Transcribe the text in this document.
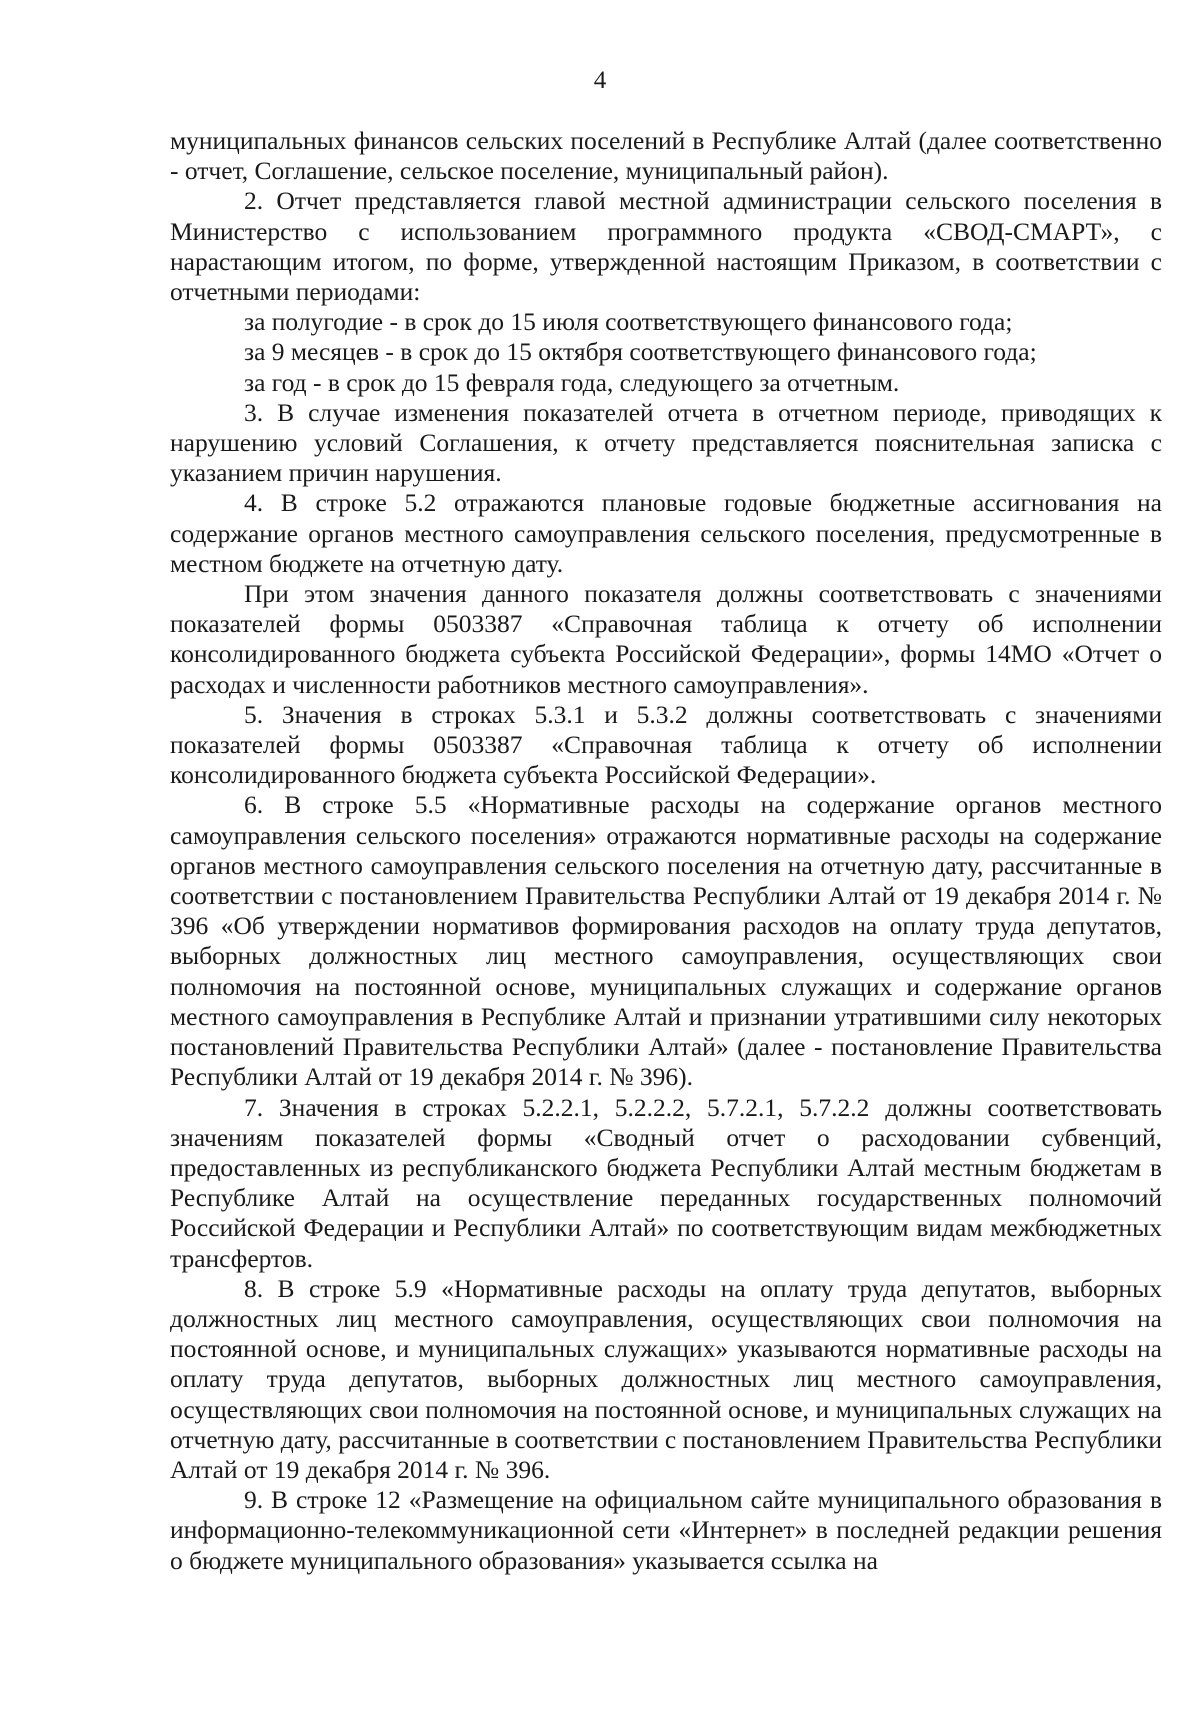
4

муниципальных финансов сельских поселений в Республике Алтай (далее соответственно - отчет, Соглашение, сельское поселение, муниципальный район).

2. Отчет представляется главой местной администрации сельского поселения в Министерство с использованием программного продукта «СВОД-СМАРТ», с нарастающим итогом, по форме, утвержденной настоящим Приказом, в соответствии с отчетными периодами:

за полугодие - в срок до 15 июля соответствующего финансового года;

за 9 месяцев - в срок до 15 октября соответствующего финансового года;

за год - в срок до 15 февраля года, следующего за отчетным.

3. В случае изменения показателей отчета в отчетном периоде, приводящих к нарушению условий Соглашения, к отчету представляется пояснительная записка с указанием причин нарушения.

4. В строке 5.2 отражаются плановые годовые бюджетные ассигнования на содержание органов местного самоуправления сельского поселения, предусмотренные в местном бюджете на отчетную дату.

При этом значения данного показателя должны соответствовать с значениями показателей формы 0503387 «Справочная таблица к отчету об исполнении консолидированного бюджета субъекта Российской Федерации», формы 14МО «Отчет о расходах и численности работников местного самоуправления».

5. Значения в строках 5.3.1 и 5.3.2 должны соответствовать с значениями показателей формы 0503387 «Справочная таблица к отчету об исполнении консолидированного бюджета субъекта Российской Федерации».

6. В строке 5.5 «Нормативные расходы на содержание органов местного самоуправления сельского поселения» отражаются нормативные расходы на содержание органов местного самоуправления сельского поселения на отчетную дату, рассчитанные в соответствии с постановлением Правительства Республики Алтай от 19 декабря 2014 г. № 396 «Об утверждении нормативов формирования расходов на оплату труда депутатов, выборных должностных лиц местного самоуправления, осуществляющих свои полномочия на постоянной основе, муниципальных служащих и содержание органов местного самоуправления в Республике Алтай и признании утратившими силу некоторых постановлений Правительства Республики Алтай» (далее - постановление Правительства Республики Алтай от 19 декабря 2014 г. № 396).

7. Значения в строках 5.2.2.1, 5.2.2.2, 5.7.2.1, 5.7.2.2 должны соответствовать значениям показателей формы «Сводный отчет о расходовании субвенций, предоставленных из республиканского бюджета Республики Алтай местным бюджетам в Республике Алтай на осуществление переданных государственных полномочий Российской Федерации и Республики Алтай» по соответствующим видам межбюджетных трансфертов.

8. В строке 5.9 «Нормативные расходы на оплату труда депутатов, выборных должностных лиц местного самоуправления, осуществляющих свои полномочия на постоянной основе, и муниципальных служащих» указываются нормативные расходы на оплату труда депутатов, выборных должностных лиц местного самоуправления, осуществляющих свои полномочия на постоянной основе, и муниципальных служащих на отчетную дату, рассчитанные в соответствии с постановлением Правительства Республики Алтай от 19 декабря 2014 г. № 396.

9. В строке 12 «Размещение на официальном сайте муниципального образования в информационно-телекоммуникационной сети «Интернет» в последней редакции решения о бюджете муниципального образования» указывается ссылка на
